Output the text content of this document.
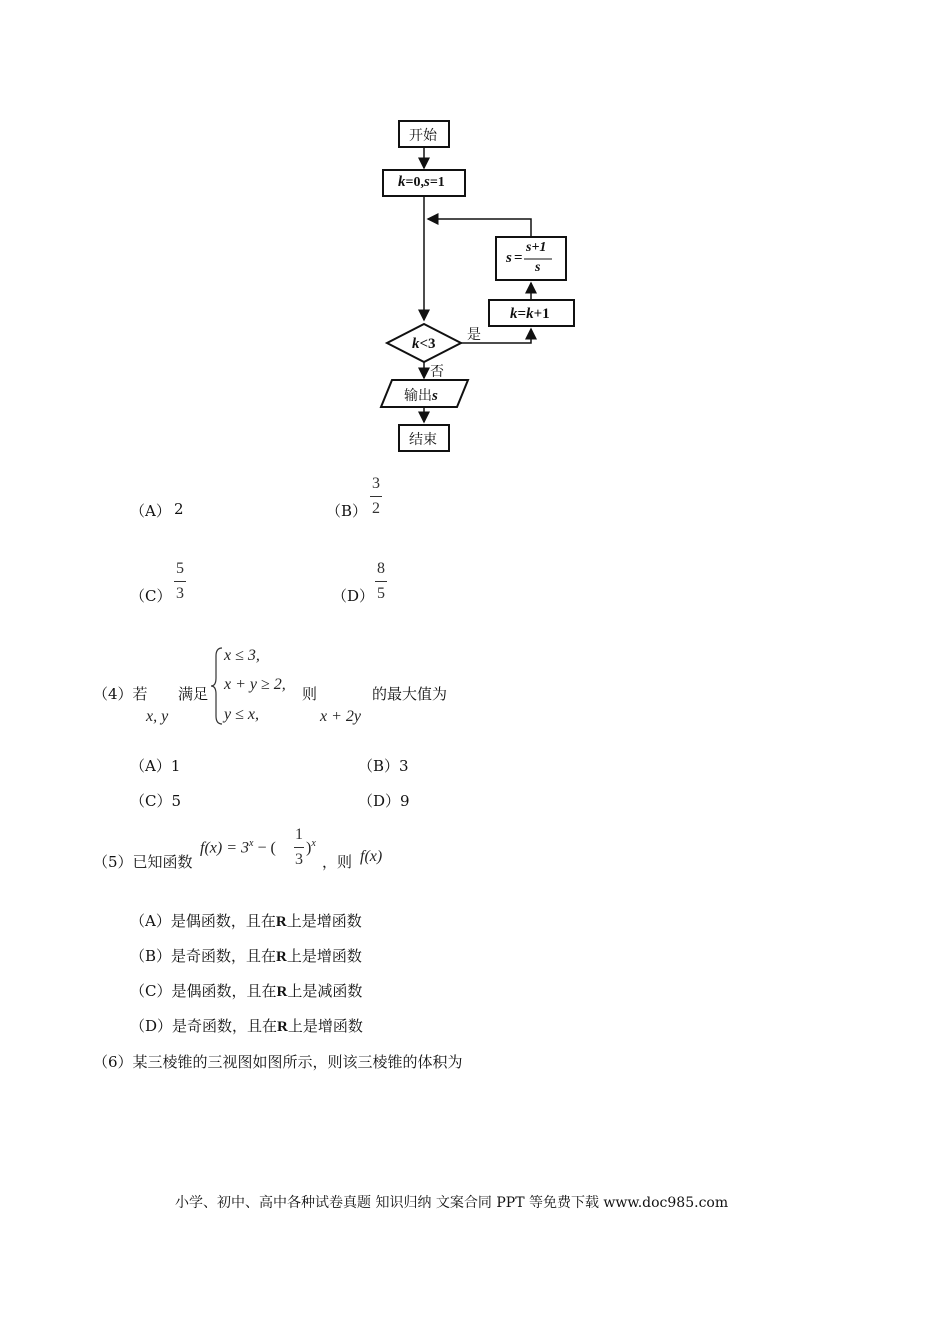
开始
k=0,s=1
k<3
是
否
k=k+1
s =
s+1
s
输出s
结束
（A） 2	（B）
3
2
（C）
5
3	（D）
8
5
（4）若
x, y
满足
x ≤ 3,
x + y ≥ 2,
y ≤ x,
则
x + 2y
的最大值为
（A）1	（B）3
（C）5	（D）9
（5）已知函数
$f(x) = 3^x$ − (
1
3
)$^x$
，则 f(x)
（A）是偶函数，且在R上是增函数
（B）是奇函数，且在R上是增函数
（C）是偶函数，且在R上是减函数
（D）是奇函数，且在R上是增函数
（6）某三棱锥的三视图如图所示，则该三棱锥的体积为
小学、初中、高中各种试卷真题 知识归纳 文案合同 PPT 等免费下载 www.doc985.com
